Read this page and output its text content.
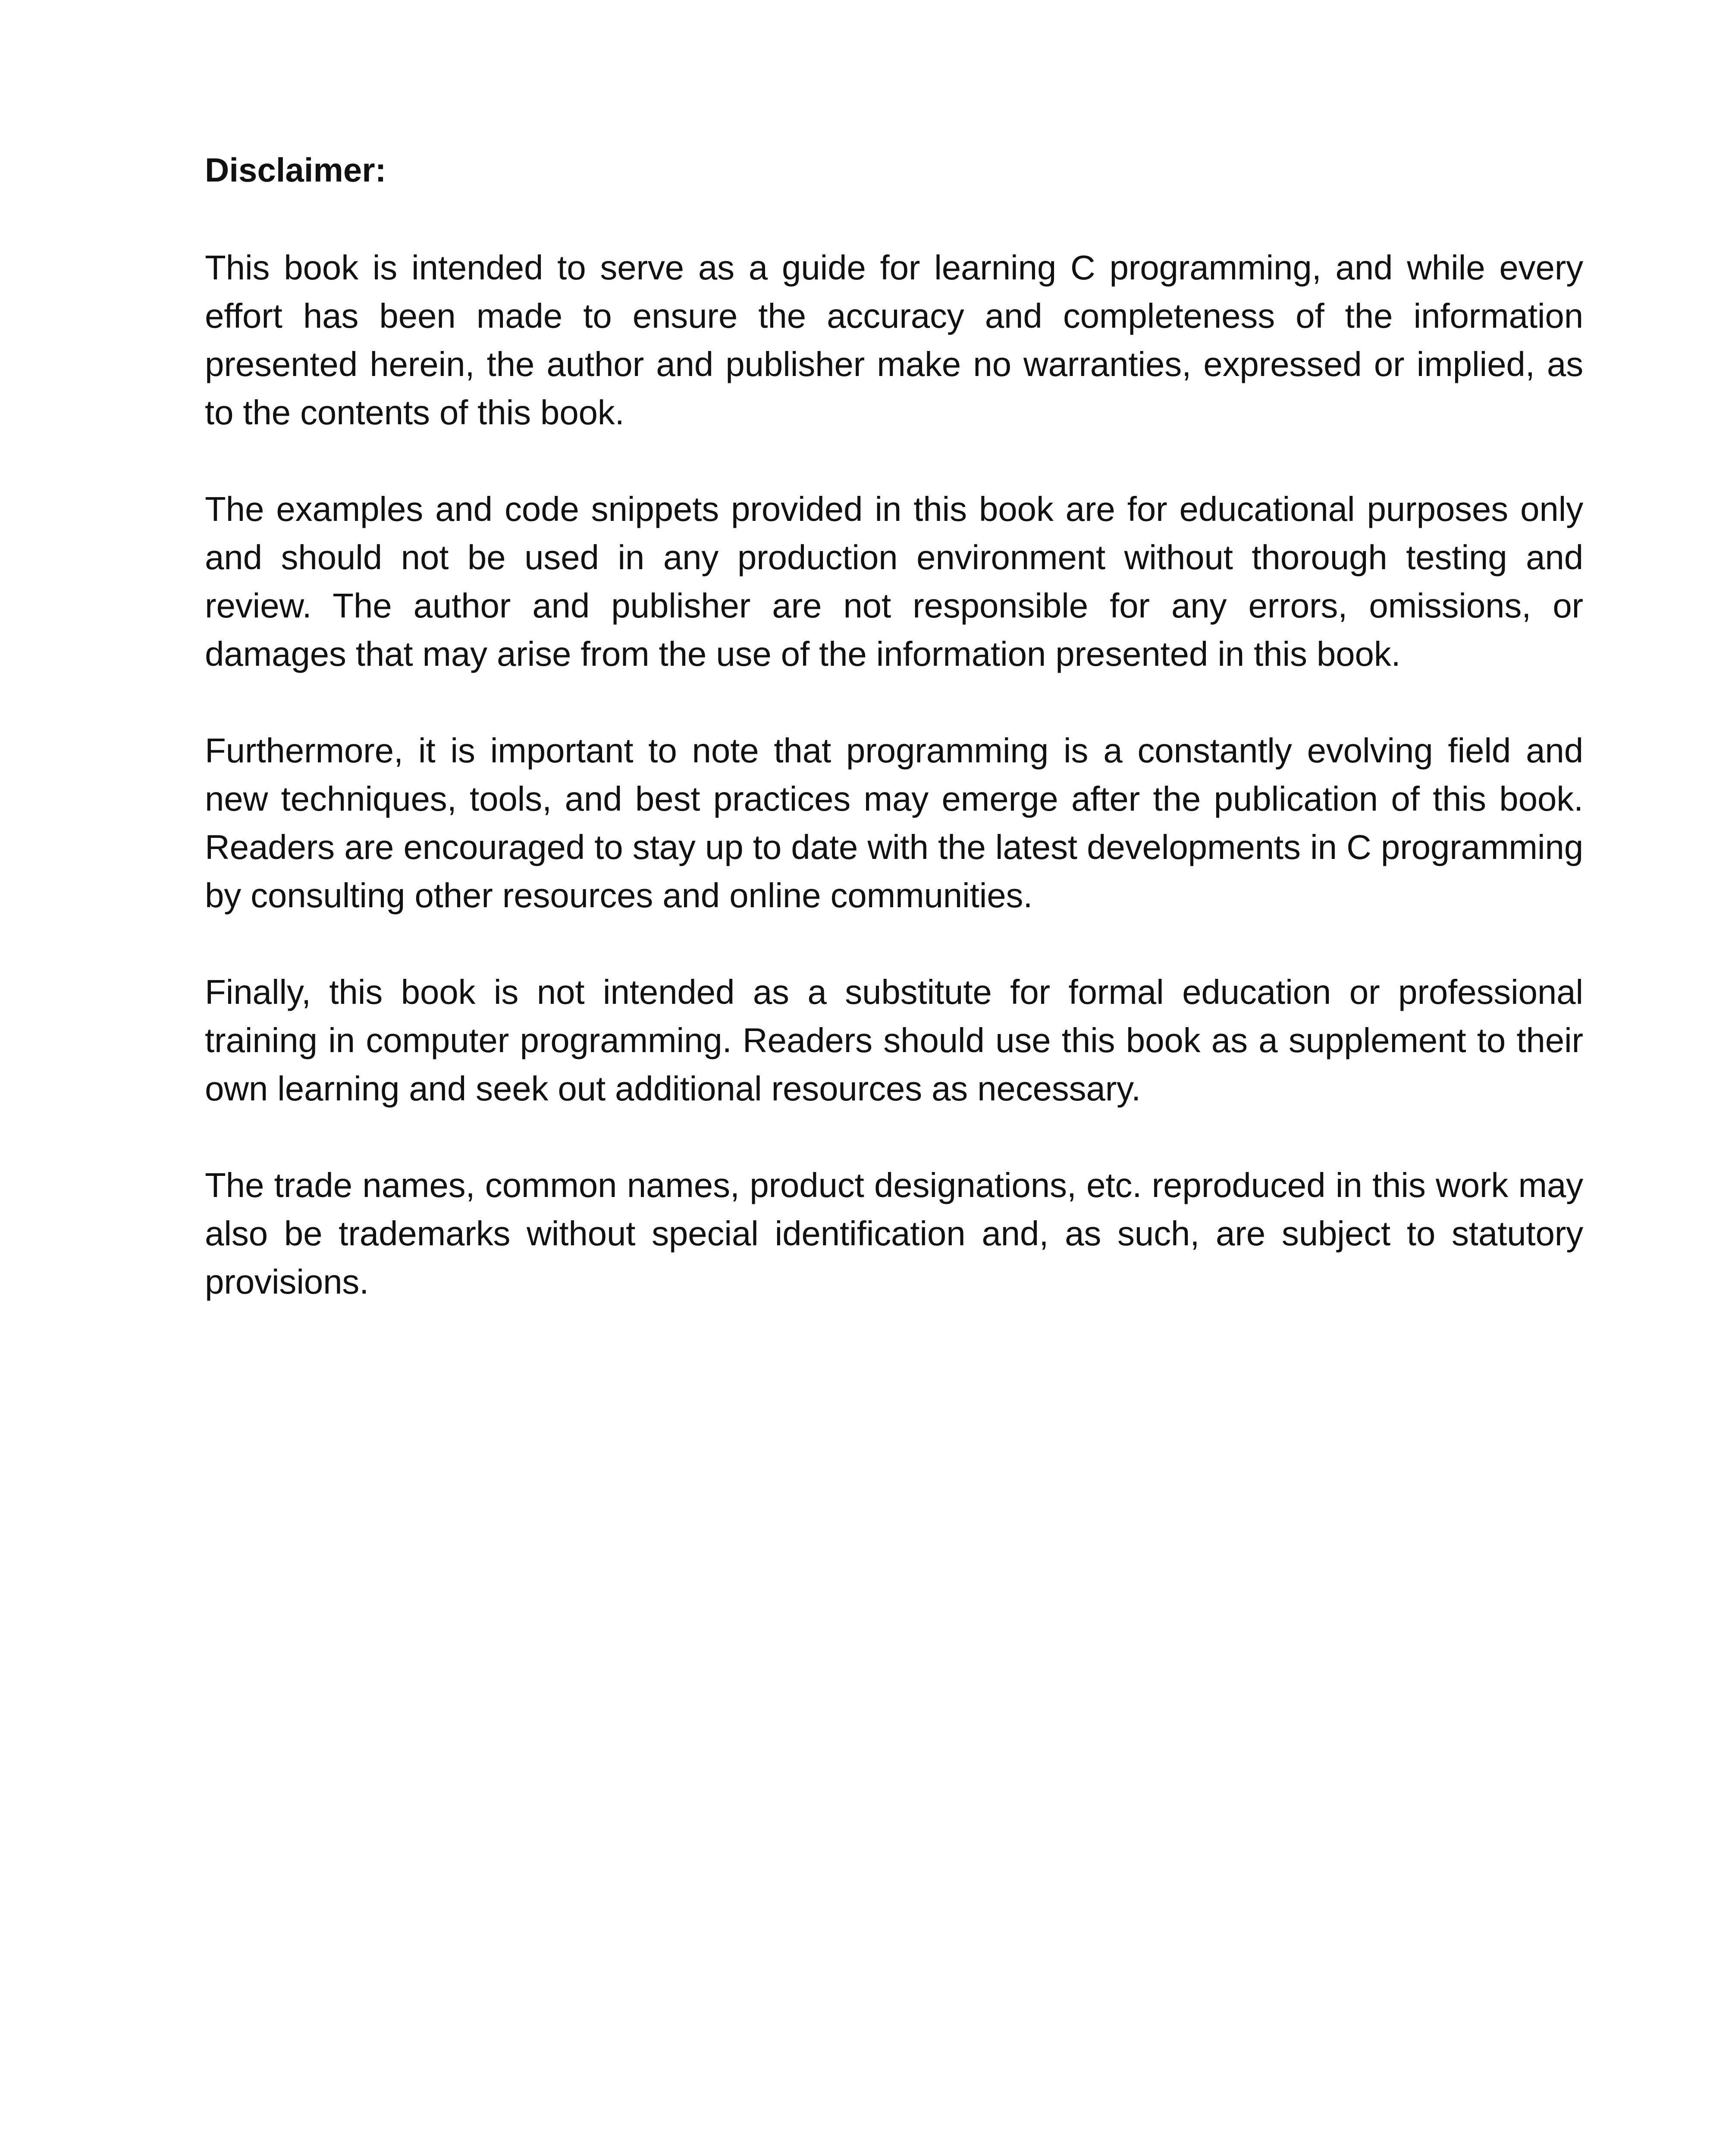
Disclaimer:

This book is intended to serve as a guide for learning C programming, and while every effort has been made to ensure the accuracy and completeness of the information presented herein, the author and publisher make no warranties, expressed or implied, as to the contents of this book.

The examples and code snippets provided in this book are for educational purposes only and should not be used in any production environment without thorough testing and review. The author and publisher are not responsible for any errors, omissions, or damages that may arise from the use of the information presented in this book.

Furthermore, it is important to note that programming is a constantly evolving field and new techniques, tools, and best practices may emerge after the publication of this book. Readers are encouraged to stay up to date with the latest developments in C programming by consulting other resources and online communities.

Finally, this book is not intended as a substitute for formal education or professional training in computer programming. Readers should use this book as a supplement to their own learning and seek out additional resources as necessary.

The trade names, common names, product designations, etc. reproduced in this work may also be trademarks without special identification and, as such, are subject to statutory provisions.
